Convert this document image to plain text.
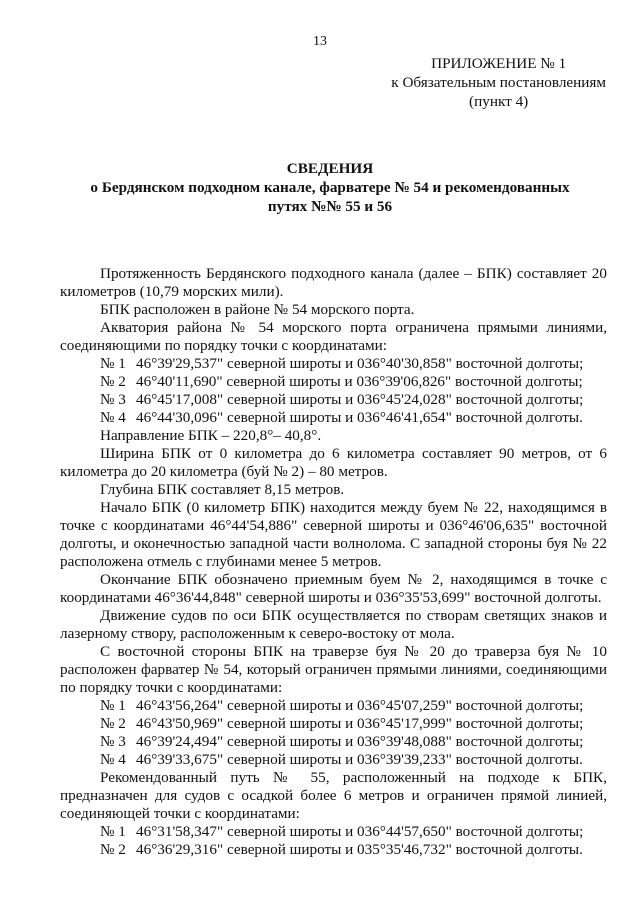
13
ПРИЛОЖЕНИЕ № 1
к Обязательным постановлениям
(пункт 4)
СВЕДЕНИЯ
о Бердянском подходном канале, фарватере № 54 и рекомендованных
путях №№ 55 и 56

Протяженность Бердянского подходного канала (далее – БПК) составляет 20 километров (10,79 морских мили).

БПК расположен в районе № 54 морского порта.

Акватория района № 54 морского порта ограничена прямыми линиями, соединяющими по порядку точки с координатами:

№ 1 46°39'29,537" северной широты и 036°40'30,858" восточной долготы;

№ 2 46°40'11,690" северной широты и 036°39'06,826" восточной долготы;

№ 3 46°45'17,008" северной широты и 036°45'24,028" восточной долготы;

№ 4 46°44'30,096" северной широты и 036°46'41,654" восточной долготы.

Направление БПК – 220,8°– 40,8°.

Ширина БПК от 0 километра до 6 километра составляет 90 метров, от 6 километра до 20 километра (буй № 2) – 80 метров.

Глубина БПК составляет 8,15 метров.

Начало БПК (0 километр БПК) находится между буем № 22, находящимся в точке с координатами 46°44'54,886" северной широты и 036°46'06,635" восточной долготы, и оконечностью западной части волнолома. С западной стороны буя № 22 расположена отмель с глубинами менее 5 метров.

Окончание БПК обозначено приемным буем № 2, находящимся в точке с координатами 46°36'44,848" северной широты и 036°35'53,699" восточной долготы.

Движение судов по оси БПК осуществляется по створам светящих знаков и лазерному створу, расположенным к северо-востоку от мола.

С восточной стороны БПК на траверзе буя № 20 до траверза буя № 10 расположен фарватер № 54, который ограничен прямыми линиями, соединяющими по порядку точки с координатами:

№ 1 46°43'56,264" северной широты и 036°45'07,259" восточной долготы;

№ 2 46°43'50,969" северной широты и 036°45'17,999" восточной долготы;

№ 3 46°39'24,494" северной широты и 036°39'48,088" восточной долготы;

№ 4 46°39'33,675" северной широты и 036°39'39,233" восточной долготы.

Рекомендованный путь № 55, расположенный на подходе к БПК, предназначен для судов с осадкой более 6 метров и ограничен прямой линией, соединяющей точки с координатами:

№ 1 46°31'58,347" северной широты и 036°44'57,650" восточной долготы;

№ 2 46°36'29,316" северной широты и 035°35'46,732" восточной долготы.
